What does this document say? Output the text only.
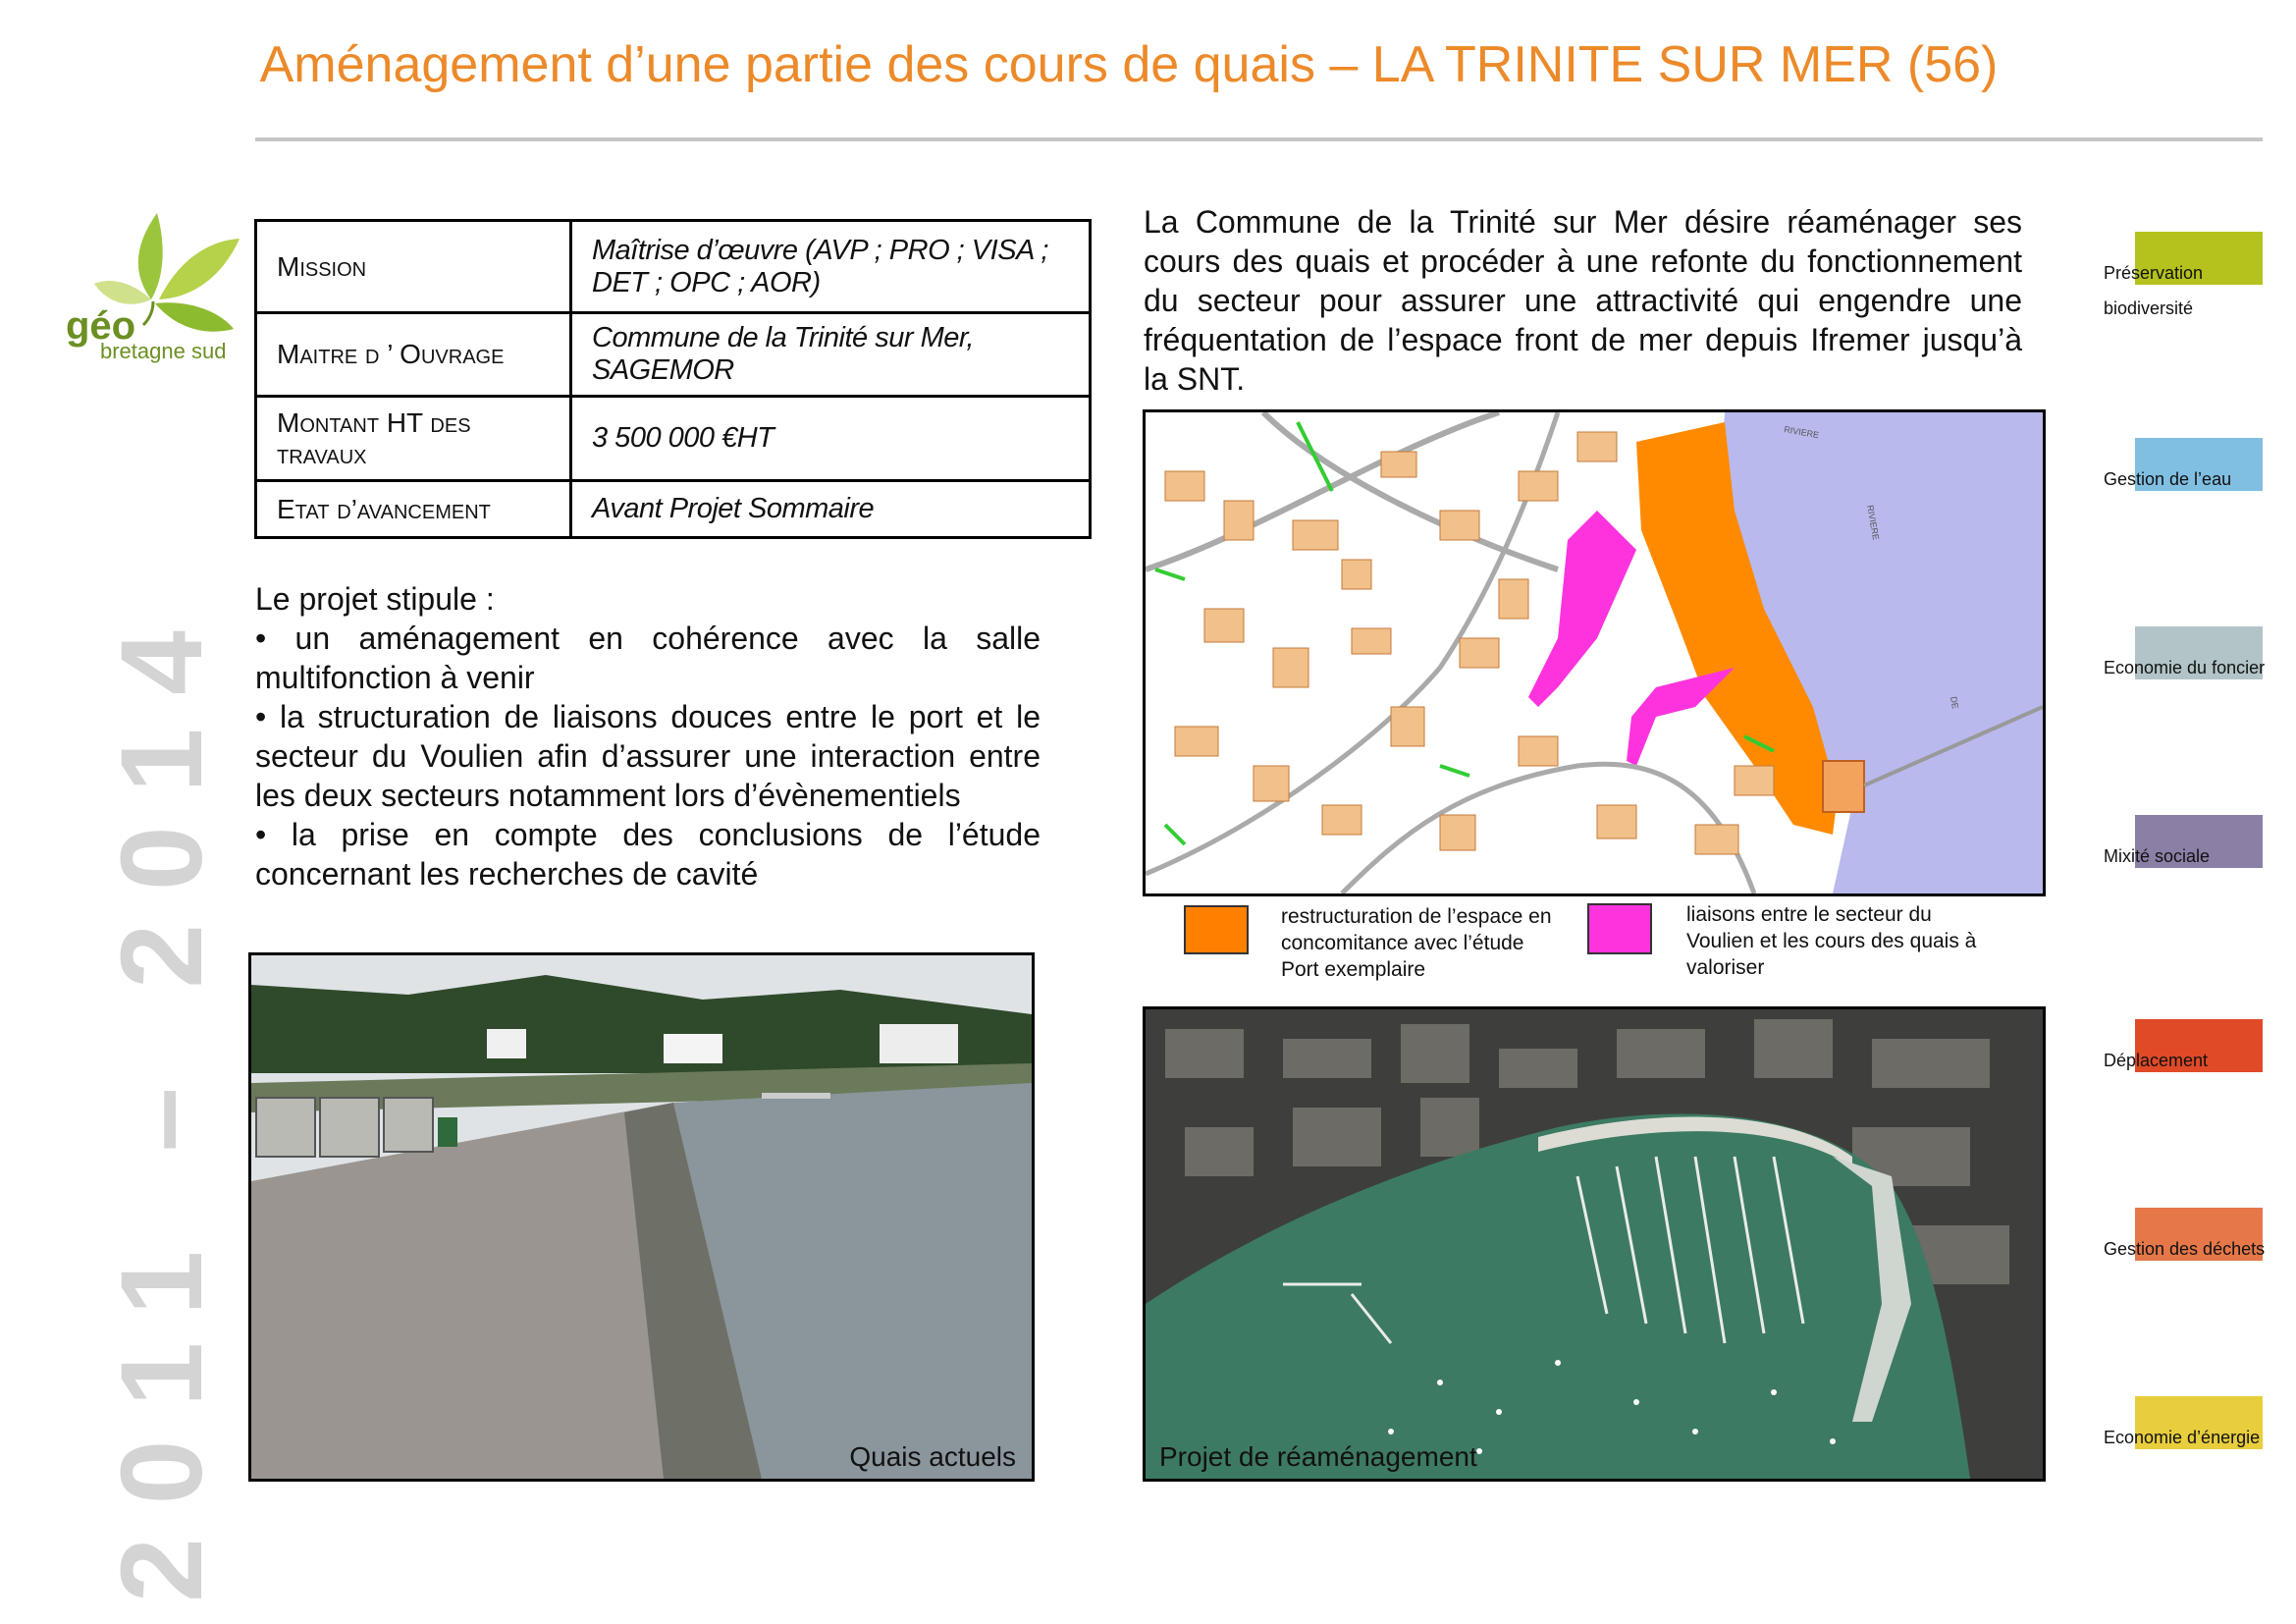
Aménagement d’une partie des cours de quais – LA TRINITE SUR MER (56)
géo
bretagne sud
2011 – 2014
Mission	Maîtrise d’œuvre (AVP ; PRO ; VISA ; DET ; OPC ; AOR)
Maitre d ’ Ouvrage	Commune de la Trinité sur Mer, SAGEMOR
Montant HT des travaux	3 500 000 €HT
Etat d’avancement	Avant Projet Sommaire
La Commune de la Trinité sur Mer désire réaménager ses cours des quais et procéder à une refonte du fonctionnement du secteur pour assurer une attractivité qui engendre une fréquentation de l’espace front de mer depuis Ifremer jusqu’à la SNT.

Le projet stipule :

• un aménagement en cohérence avec la salle multifonction à venir

• la structuration de liaisons douces entre le port et le secteur du Voulien afin d’assurer une interaction entre les deux secteurs notamment lors d’évènementiels

• la prise en compte des conclusions de l’étude concernant les recherches de cavité

RIVIERE
RIVIERE
DE
restructuration de l’espace en concomitance avec l’étude Port exemplaire
liaisons entre le secteur du Voulien et les cours des quais à valoriser
Quais actuels	Projet de réaménagement
Préservation
biodiversité
Gestion de l’eau
Economie du foncier
Mixité sociale
Déplacement
Gestion des déchets
Economie d’énergie
